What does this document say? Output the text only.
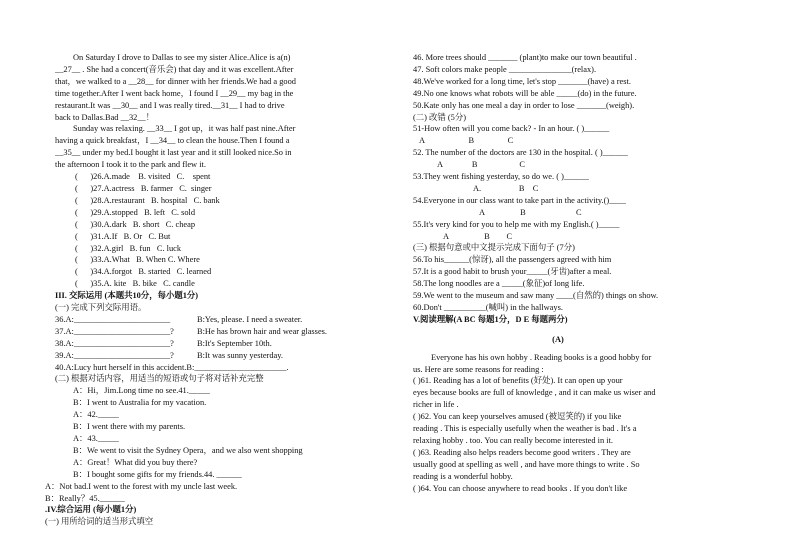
On Saturday I drove to Dallas to see my sister Alice.Alice is a(n)

__27__ . She had a concert(音乐会) that day and it was excellent.After

that，we walked to a __28__ for dinner with her friends.We had a good

time together.After I went back home，I found I __29__ my bag in the

restaurant.It was __30__ and I was really tired.__31__ I had to drive

back to Dallas.Bad __32__！

Sunday was relaxing. __33__ I got up，it was half past nine.After

having a quick breakfast，I __34__ to clean the house.Then I found a

__35__ under my bed.I bought it last year and it still looked nice.So in

the afternoon I took it to the park and flew it.

(      )26.A.made    B. visited   C.    spent
(      )27.A.actress   B. farmer   C.  singer
(      )28.A.restaurant   B. hospital   C. bank
(      )29.A.stopped   B. left   C. sold
(      )30.A.dark   B. short   C. cheap
(      )31.A.If   B. Or   C. But
(      )32.A.girl   B. fun   C. luck
(      )33.A.What   B. When C. Where
(      )34.A.forgot   B. started   C. learned
(      )35.A. kite   B. bike   C. candle
III. 交际运用 (本题共10分，每小题1分)
(一) 完成下列交际用语。
36.A:_______________________	B:Yes, please. I need a sweater.
37.A:_______________________?	B:He has brown hair and wear glasses.
38.A:_______________________?	B:It's September 10th.
39.A:_______________________?	B:It was sunny yesterday.
40.A:Lucy hurt herself in this accident.B:______________________.
(二) 根据对话内容，用适当的短语或句子将对话补充完整
A：Hi，Jim.Long time no see.41._____
B：I went to Australia for my vacation.
A：42._____
B：I went there with my parents.
A：43._____
B：We went to visit the Sydney Opera，and we also went shopping
A：Great！What did you buy there?
B：I bought some gifts for my friends.44. ______
A：Not bad.I went to the forest with my uncle last week.
B：Really？45.______
.IV.综合运用 (每小题1分)
(一) 用所给词的适当形式填空
46. More trees should _______ (plant)to make our town beautiful .
47. Soft colors make people _______________(relax).
48.We've worked for a long time, let's stop _______(have) a rest.
49.No one knows what robots will be able _____(do) in the future.
50.Kate only has one meal a day in order to lose _______(weigh).
(二) 改错 (5分)
51-How often will you come back? - In an hour. ( )______
A                     B                C
52. The number of the doctors are 130 in the hospital. ( )______
A              B                    C
53.They went fishing yesterday, so do we. ( )______
A.                  B    C
54.Everyone in our class want to take part in the activity.()____
A                 B                        C
55.It's very kind for you to help me with my English.( )_____
A                 B        C
(三) 根据句意或中文提示完成下面句子 (7分)
56.To his______(惊讶), all the passengers agreed with him
57.It is a good habit to brush your_____(牙齿)after a meal.
58.The long noodles are a _____(象征)of long life.
59.We went to the museum and saw many ____(自然的) things on show.
60.Don't __________(喊叫) in the hallways.
V.阅读理解(A BC 每题1分，D E 每题两分)
(A)

Everyone has his own hobby . Reading books is a good hobby for

us. Here are some reasons for reading :

( )61. Reading has a lot of benefits (好处). It can open up your

eyes because books are full of knowledge , and it can make us wiser and

richer in life .

( )62. You can keep yourselves amused (被逗笑的) if you like

reading . This is especially usefully when the weather is bad . It's a

relaxing hobby . too. You can really become interested in it.

( )63. Reading also helps readers become good writers . They are

usually good at spelling as well , and have more things to write . So

reading is a wonderful hobby.

( )64. You can choose anywhere to read books . If you don't like
